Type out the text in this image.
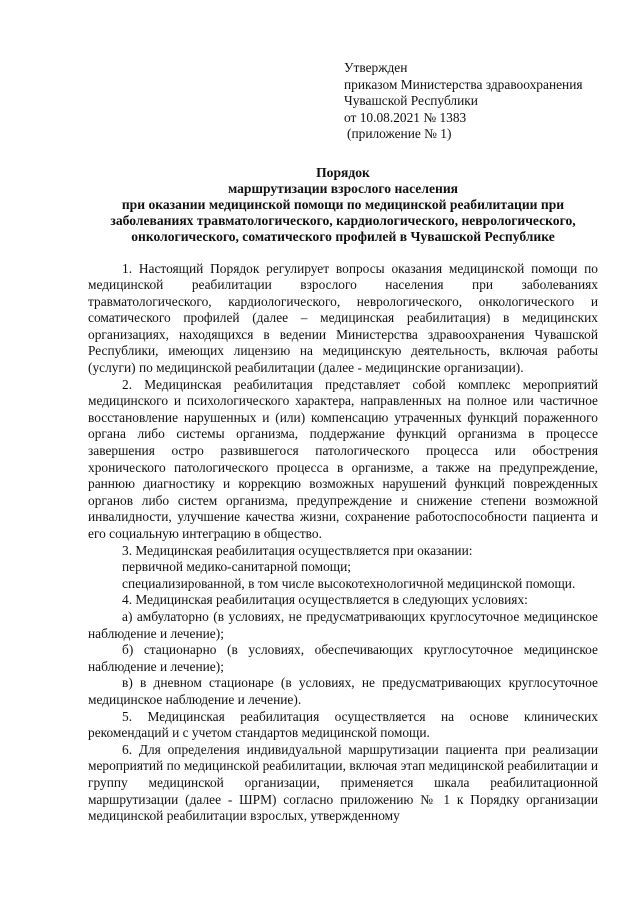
Утвержден
приказом Министерства здравоохранения
Чувашской Республики
от 10.08.2021 № 1383
(приложение № 1)
Порядок
маршрутизации взрослого населения
при оказании медицинской помощи по медицинской реабилитации при
заболеваниях травматологического, кардиологического, неврологического,
онкологического, соматического профилей в Чувашской Республике

1. Настоящий Порядок регулирует вопросы оказания медицинской помощи по медицинской реабилитации взрослого населения при заболеваниях травматологического, кардиологического, неврологического, онкологического и соматического профилей (далее – медицинская реабилитация) в медицинских организациях, находящихся в ведении Министерства здравоохранения Чувашской Республики, имеющих лицензию на медицинскую деятельность, включая работы (услуги) по медицинской реабилитации (далее - медицинские организации).

2. Медицинская реабилитация представляет собой комплекс мероприятий медицинского и психологического характера, направленных на полное или частичное восстановление нарушенных и (или) компенсацию утраченных функций пораженного органа либо системы организма, поддержание функций организма в процессе завершения остро развившегося патологического процесса или обострения хронического патологического процесса в организме, а также на предупреждение, раннюю диагностику и коррекцию возможных нарушений функций поврежденных органов либо систем организма, предупреждение и снижение степени возможной инвалидности, улучшение качества жизни, сохранение работоспособности пациента и его социальную интеграцию в общество.

3. Медицинская реабилитация осуществляется при оказании:

первичной медико-санитарной помощи;

специализированной, в том числе высокотехнологичной медицинской помощи.

4. Медицинская реабилитация осуществляется в следующих условиях:

а) амбулаторно (в условиях, не предусматривающих круглосуточное медицинское наблюдение и лечение);

б) стационарно (в условиях, обеспечивающих круглосуточное медицинское наблюдение и лечение);

в) в дневном стационаре (в условиях, не предусматривающих круглосуточное медицинское наблюдение и лечение).

5. Медицинская реабилитация осуществляется на основе клинических рекомендаций и с учетом стандартов медицинской помощи.

6. Для определения индивидуальной маршрутизации пациента при реализации мероприятий по медицинской реабилитации, включая этап медицинской реабилитации и группу медицинской организации, применяется шкала реабилитационной маршрутизации (далее - ШРМ) согласно приложению № 1 к Порядку организации медицинской реабилитации взрослых, утвержденному
